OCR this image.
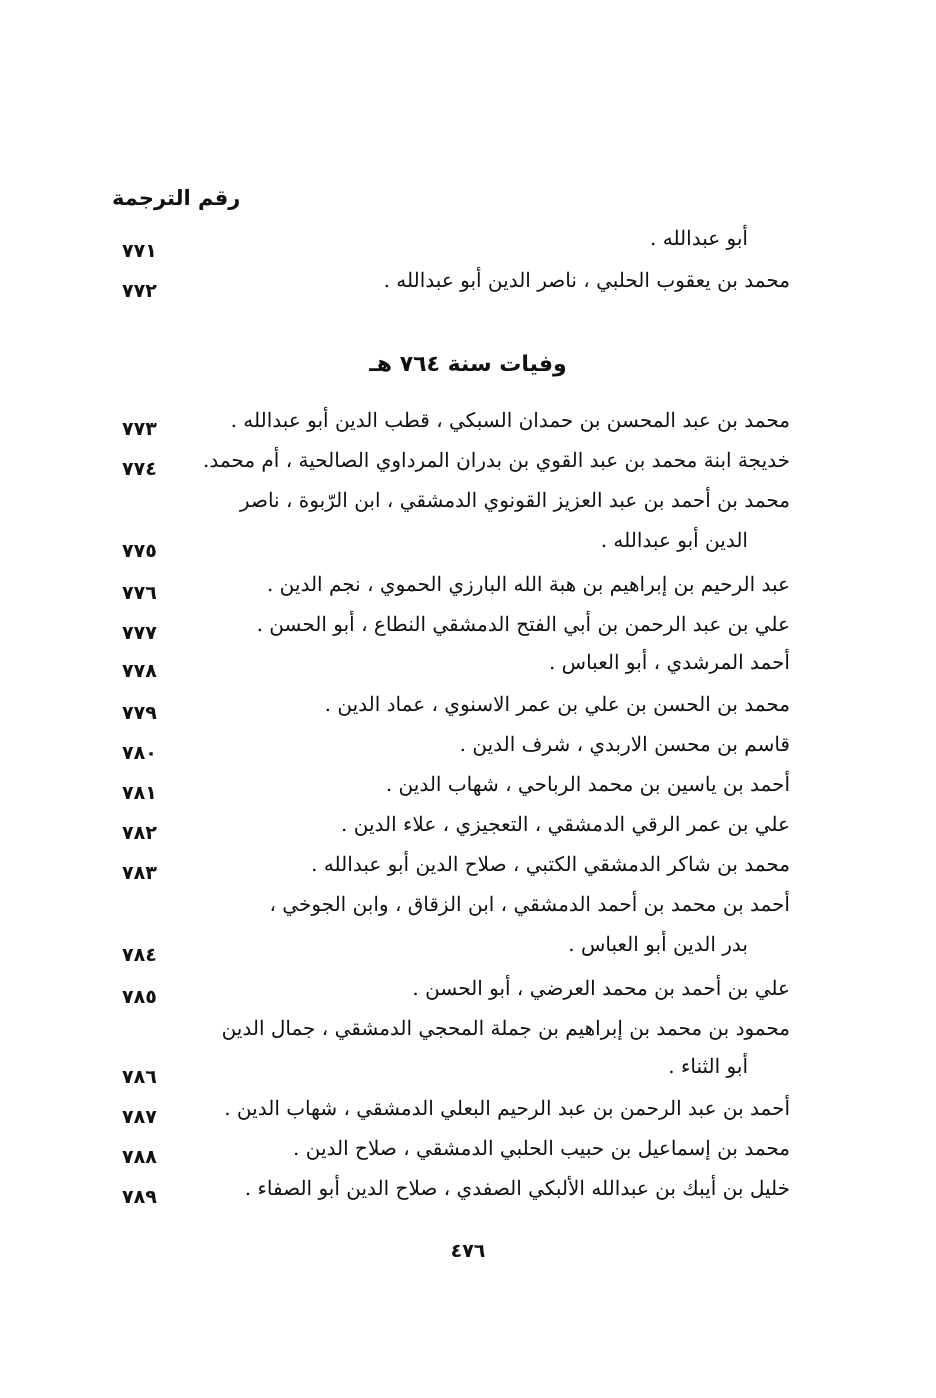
رقم الترجمة
أبو عبدالله .
٧٧١
محمد بن يعقوب الحلبي ، ناصر الدين أبو عبدالله .
٧٧٢
وفيات سنة ٧٦٤ هـ
محمد بن عبد المحسن بن حمدان السبكي ، قطب الدين أبو عبدالله .
٧٧٣
خديجة ابنة محمد بن عبد القوي بن بدران المرداوي الصالحية ، أم محمد.
٧٧٤
محمد بن أحمد بن عبد العزيز القونوي الدمشقي ، ابن الرّبوة ، ناصر
الدين أبو عبدالله .
٧٧٥
عبد الرحيم بن إبراهيم بن هبة الله البارزي الحموي ، نجم الدين .
٧٧٦
علي بن عبد الرحمن بن أبي الفتح الدمشقي النطاع ، أبو الحسن .
٧٧٧
أحمد المرشدي ، أبو العباس .
٧٧٨
محمد بن الحسن بن علي بن عمر الاسنوي ، عماد الدين .
٧٧٩
قاسم بن محسن الاربدي ، شرف الدين .
٧٨٠
أحمد بن ياسين بن محمد الرباحي ، شهاب الدين .
٧٨١
علي بن عمر الرقي الدمشقي ، التعجيزي ، علاء الدين .
٧٨٢
محمد بن شاكر الدمشقي الكتبي ، صلاح الدين أبو عبدالله .
٧٨٣
أحمد بن محمد بن أحمد الدمشقي ، ابن الزقاق ، وابن الجوخي ،
بدر الدين أبو العباس .
٧٨٤
علي بن أحمد بن محمد العرضي ، أبو الحسن .
٧٨٥
محمود بن محمد بن إبراهيم بن جملة المحجي الدمشقي ، جمال الدين
أبو الثناء .
٧٨٦
أحمد بن عبد الرحمن بن عبد الرحيم البعلي الدمشقي ، شهاب الدين .
٧٨٧
محمد بن إسماعيل بن حبيب الحلبي الدمشقي ، صلاح الدين .
٧٨٨
خليل بن أيبك بن عبدالله الألبكي الصفدي ، صلاح الدين أبو الصفاء .
٧٨٩
٤٧٦
